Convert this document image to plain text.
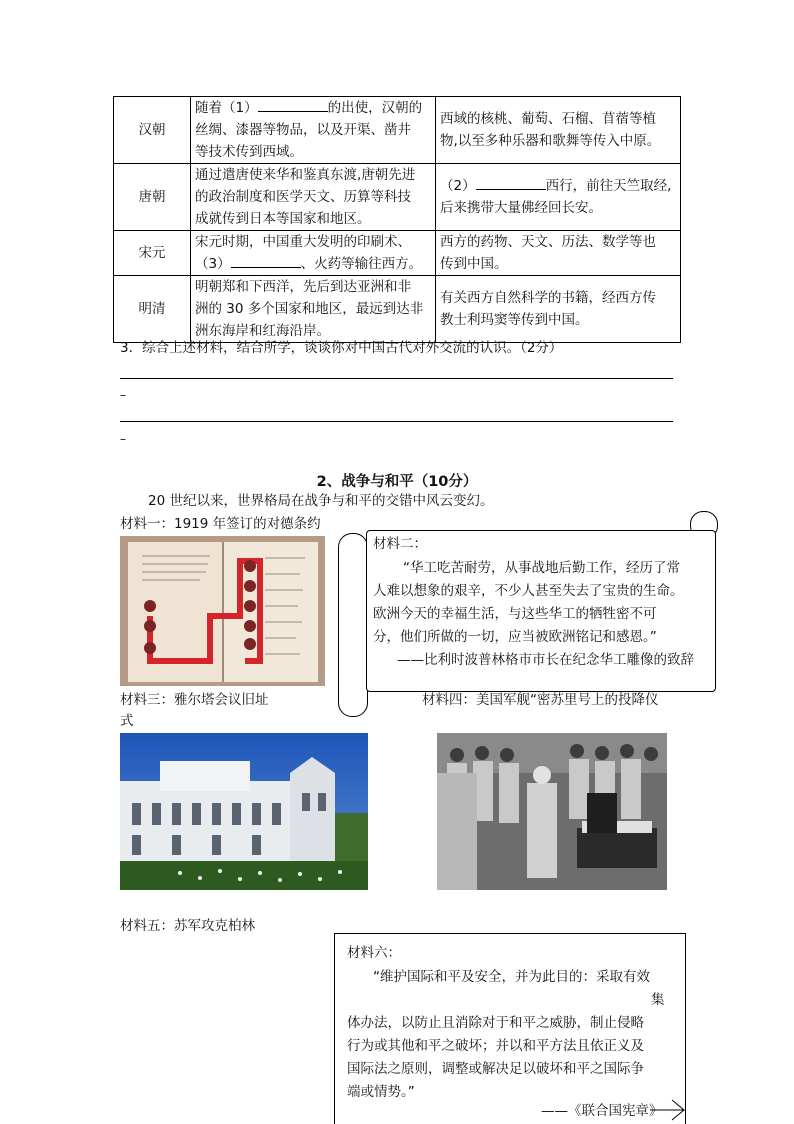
汉朝	随着（1） 的出使，汉朝的
丝绸、漆器等物品，以及开渠、凿井
等技术传到西域。	西域的核桃、葡萄、石榴、苜蓿等植
物,以至多种乐器和歌舞等传入中原。
唐朝	通过遣唐使来华和鉴真东渡,唐朝先进
的政治制度和医学天文、历算等科技
成就传到日本等国家和地区。	（2） 西行，前往天竺取经,
后来携带大量佛经回长安。
宋元	宋元时期，中国重大发明的印刷术、
（3） 、火药等输往西方。	西方的药物、天文、历法、数学等也
传到中国。
明清	明朝郑和下西洋，先后到达亚洲和非
洲的 30 多个国家和地区，最远到达非
洲东海岸和红海沿岸。	有关西方自然科学的书籍，经西方传
教士利玛窦等传到中国。
3．综合上述材料，结合所学，谈谈你对中国古代对外交流的认识。（2分）
–
–
2、战争与和平（10分）
20 世纪以来，世界格局在战争与和平的交错中风云变幻。
材料一：1919 年签订的对德条约
材料二：
“华工吃苦耐劳，从事战地后勤工作，经历了常
人难以想象的艰辛，不少人甚至失去了宝贵的生命。
欧洲今天的幸福生活，与这些华工的牺牲密不可
分，他们所做的一切，应当被欧洲铭记和感恩。”
——比利时波普林格市市长在纪念华工雕像的致辞
材料三：雅尔塔会议旧址
式
材料四：美国军舰“密苏里号上的投降仪
材料五：苏军攻克柏林
材料六：
“维护国际和平及安全，并为此目的：采取有效
集
体办法，以防止且消除对于和平之威胁，制止侵略
行为或其他和平之破坏；并以和平方法且依正义及
国际法之原则，调整或解决足以破坏和平之国际争
端或情势。”
——《联合国宪章》
